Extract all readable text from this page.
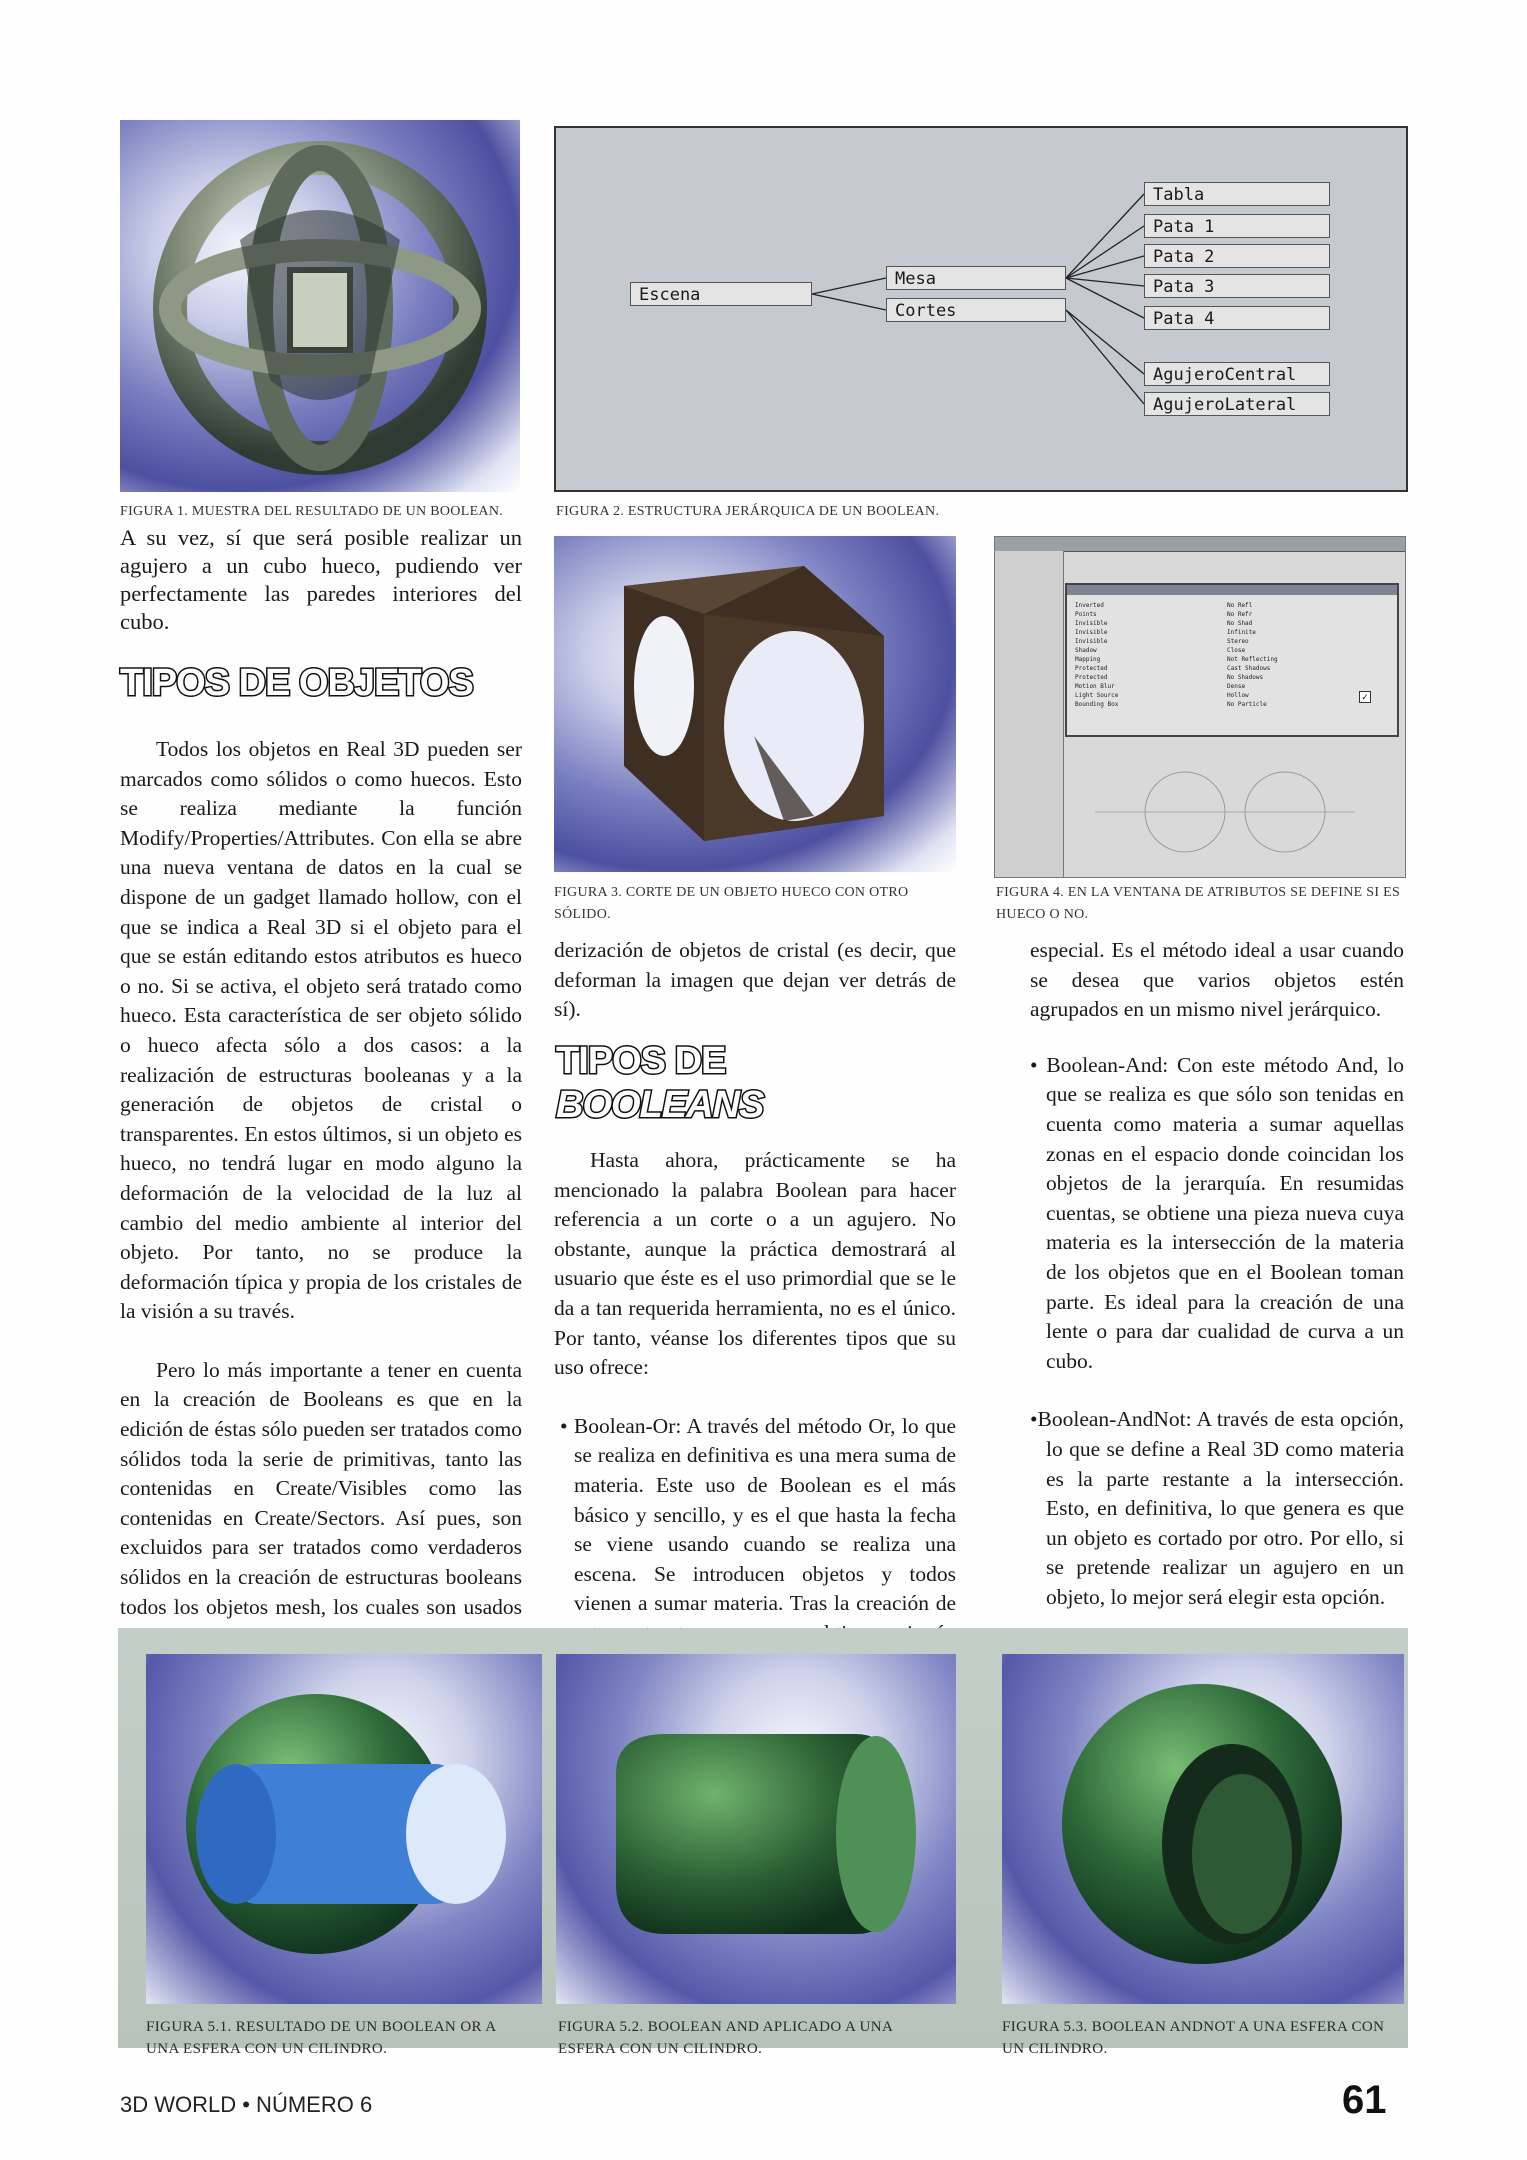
FIGURA 1. MUESTRA DEL RESULTADO DE UN BOOLEAN.
Escena
Mesa
Cortes
Tabla
Pata 1
Pata 2
Pata 3
Pata 4
AgujeroCentral
AgujeroLateral
FIGURA 2. ESTRUCTURA JERÁRQUICA DE UN BOOLEAN.

A su vez, sí que será posible realizar un agujero a un cubo hueco, pudiendo ver perfectamente las paredes interiores del cubo.

TIPOS DE OBJETOS

Todos los objetos en Real 3D pueden ser marcados como sólidos o como huecos. Esto se realiza mediante la función Modify/Properties/Attributes. Con ella se abre una nueva ventana de datos en la cual se dispone de un gadget llamado hollow, con el que se indica a Real 3D si el objeto para el que se están editando estos atributos es hueco o no. Si se activa, el objeto será tratado como hueco. Esta característica de ser objeto sólido o hueco afecta sólo a dos casos: a la realización de estructuras booleanas y a la generación de objetos de cristal o transparentes. En estos últimos, si un objeto es hueco, no tendrá lugar en modo alguno la deformación de la velocidad de la luz al cambio del medio ambiente al interior del objeto. Por tanto, no se produce la deformación típica y propia de los cristales de la visión a su través.

Pero lo más importante a tener en cuenta en la creación de Booleans es que en la edición de éstas sólo pueden ser tratados como sólidos toda la serie de primitivas, tanto las contenidas en Create/Visibles como las contenidas en Create/Sectors. Así pues, son excluidos para ser tratados como verdaderos sólidos en la creación de estructuras booleans todos los objetos mesh, los cuales son usados

FIGURA 3. CORTE DE UN OBJETO HUECO CON OTRO SÓLIDO.
Inverted
Points
Invisible
Invisible
Invisible
Shadow
Mapping
Protected
Protected
Motion Blur
Light Source
Bounding Box
No Refl
No Refr
No Shad
Infinite
Stereo
Close
Not Reflecting
Cast Shadows
No Shadows
Dense
Hollow
No Particle
✓
FIGURA 4. EN LA VENTANA DE ATRIBUTOS SE DEFINE SI ES HUECO O NO.

derización de objetos de cristal (es decir, que deforman la imagen que dejan ver detrás de sí).

TIPOS DE
BOOLEANS

Hasta ahora, prácticamente se ha mencionado la palabra Boolean para hacer referencia a un corte o a un agujero. No obstante, aunque la práctica demostrará al usuario que éste es el uso primordial que se le da a tan requerida herramienta, no es el único. Por tanto, véanse los diferentes tipos que su uso ofrece:

• Boolean-Or: A través del método Or, lo que se realiza en definitiva es una mera suma de materia. Este uso de Boolean es el más básico y sencillo, y es el que hasta la fecha se viene usando cuando se realiza una escena. Se introducen objetos y todos vienen a sumar materia. Tras la creación de

especial. Es el método ideal a usar cuando se desea que varios objetos estén agrupados en un mismo nivel jerárquico.

• Boolean-And: Con este método And, lo que se realiza es que sólo son tenidas en cuenta como materia a sumar aquellas zonas en el espacio donde coincidan los objetos de la jerarquía. En resumidas cuentas, se obtiene una pieza nueva cuya materia es la intersección de la materia de los objetos que en el Boolean toman parte. Es ideal para la creación de una lente o para dar cualidad de curva a un cubo.

•Boolean-AndNot: A través de esta opción, lo que se define a Real 3D como materia es la parte restante a la intersección. Esto, en definitiva, lo que genera es que un objeto es cortado por otro. Por ello, si se pretende realizar un agujero en un objeto, lo mejor será elegir esta opción.

FIGURA 5.1. RESULTADO DE UN BOOLEAN OR A UNA ESFERA CON UN CILINDRO.
FIGURA 5.2. BOOLEAN AND APLICADO A UNA ESFERA CON UN CILINDRO.
FIGURA 5.3. BOOLEAN ANDNOT A UNA ESFERA CON UN CILINDRO.
3D WORLD • NÚMERO 6	61
